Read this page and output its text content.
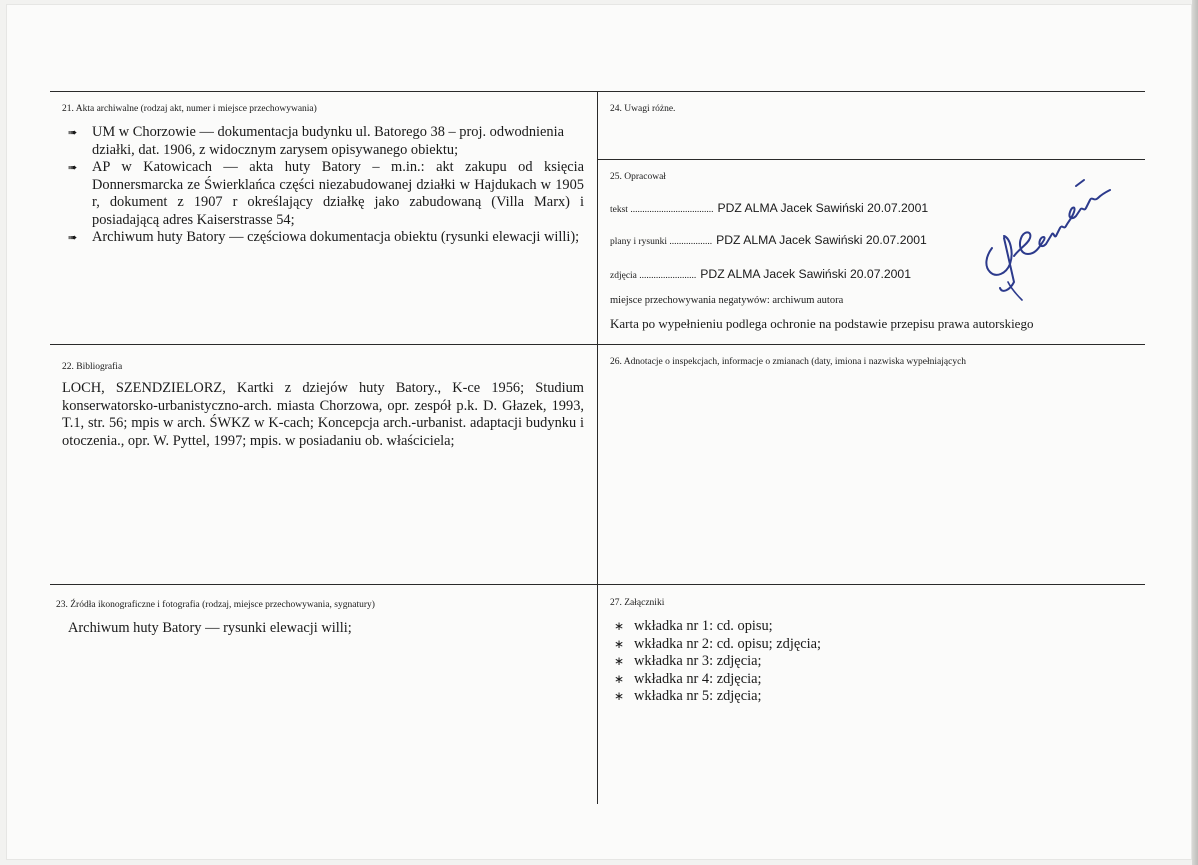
21. Akta archiwalne (rodzaj akt, numer i miejsce przechowywania)
➠ UM w Chorzowie — dokumentacja budynku ul. Batorego 38 – proj. odwodnienia działki, dat. 1906, z widocznym zarysem opisywanego obiektu;
➠ AP w Katowicach — akta huty Batory – m.in.: akt zakupu od księcia Donnersmarcka ze Świerklańca części niezabudowanej działki w Hajdukach w 1905 r, dokument z 1907 r określający działkę jako zabudowaną (Villa Marx) i posiadającą adres Kaiserstrasse 54;
➠ Archiwum huty Batory — częściowa dokumentacja obiektu (rysunki elewacji willi);
24. Uwagi różne.
25. Opracował
tekst
................................... PDZ ALMA Jacek Sawiński 20.07.2001
plany i rysunki
.................. PDZ ALMA Jacek Sawiński 20.07.2001
zdjęcia
........................ PDZ ALMA Jacek Sawiński 20.07.2001
miejsce przechowywania negatywów: archiwum autora
Karta po wypełnieniu podlega ochronie na podstawie przepisu prawa autorskiego
22. Bibliografia
LOCH, SZENDZIELORZ, Kartki z dziejów huty Batory., K-ce 1956; Studium konserwatorsko-urbanistyczno-arch. miasta Chorzowa, opr. zespół p.k. D. Głazek, 1993, T.1, str. 56; mpis w arch. ŚWKZ w K-cach; Koncepcja arch.-urbanist. adaptacji budynku i otoczenia., opr. W. Pyttel, 1997; mpis. w posiadaniu ob. właściciela;
26. Adnotacje o inspekcjach, informacje o zmianach (daty, imiona i nazwiska wypełniających
23. Źródła ikonograficzne i fotografia (rodzaj, miejsce przechowywania, sygnatury)
Archiwum huty Batory — rysunki elewacji willi;
27. Załączniki
∗ wkładka nr 1: cd. opisu;
∗ wkładka nr 2: cd. opisu; zdjęcia;
∗ wkładka nr 3: zdjęcia;
∗ wkładka nr 4: zdjęcia;
∗ wkładka nr 5: zdjęcia;
